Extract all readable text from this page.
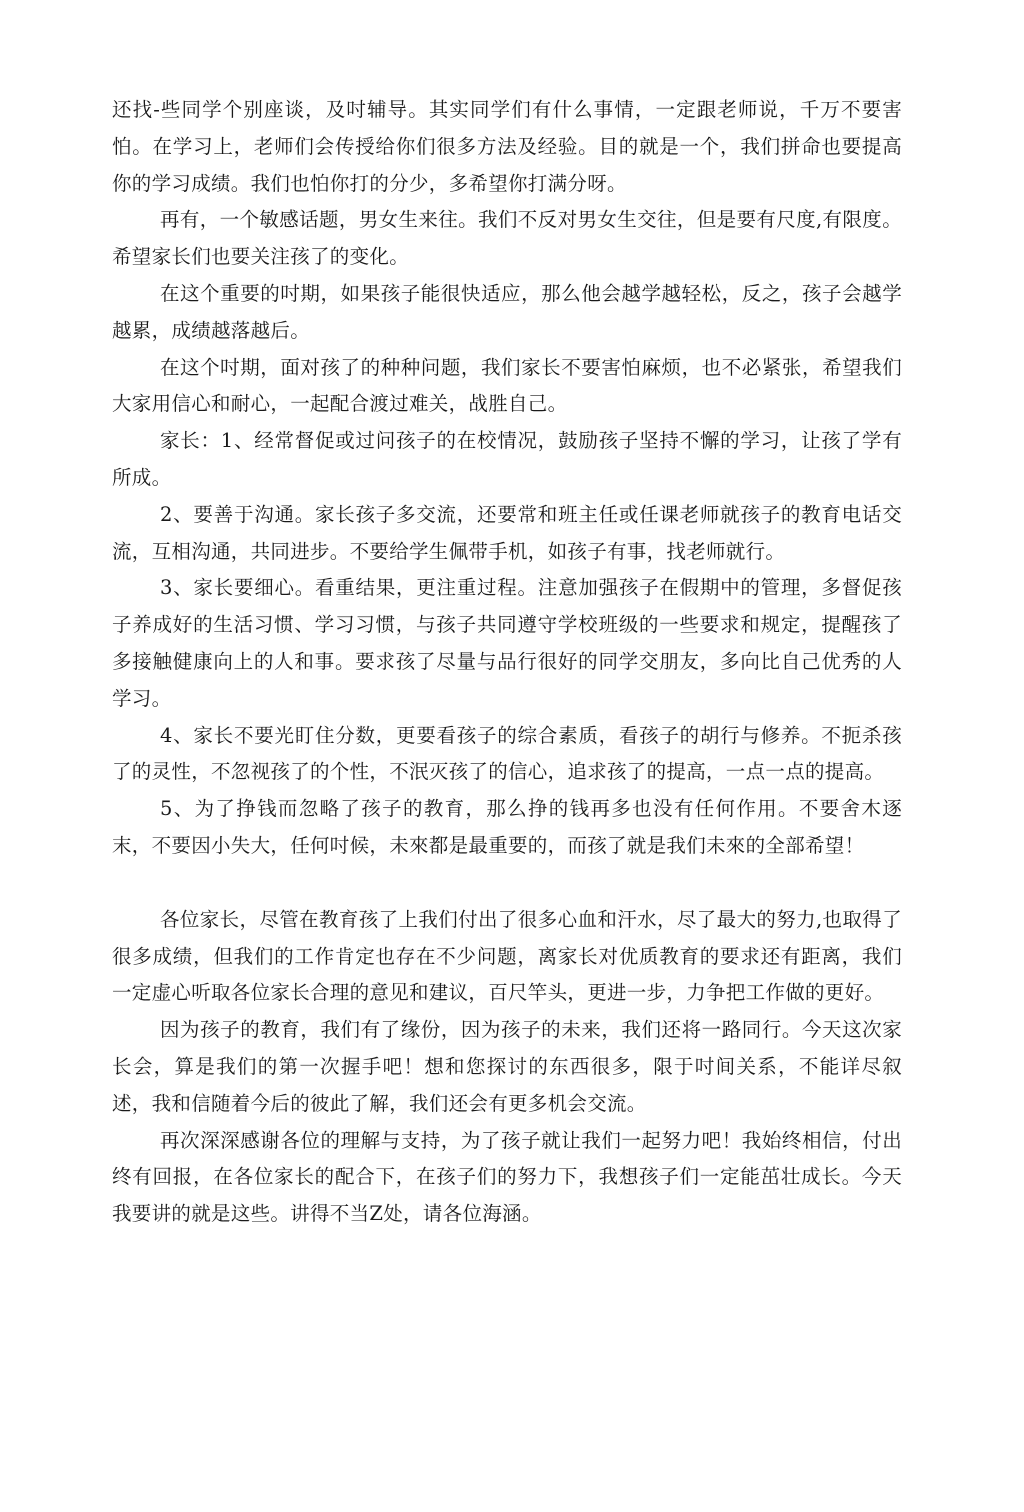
还找-些同学个别座谈，及吋辅导。其实同学们有什么事情，一定跟老师说，千万不要害怕。在学习上，老师们会传授给你们很多方法及经验。目的就是一个，我们拼命也要提高你的学习成绩。我们也怕你打的分少，多希望你打满分呀。

再有，一个敏感话题，男女生来往。我们不反对男女生交往，但是要有尺度,有限度。希望家长们也要关注孩了的变化。

在这个重要的吋期，如果孩子能很快适应，那么他会越学越轻松，反之，孩子会越学越累，成绩越落越后。

在这个吋期，面对孩了的种种问题，我们家长不要害怕麻烦，也不必紧张，希望我们大家用信心和耐心，一起配合渡过难关，战胜自己。

家长：1、经常督促或过问孩子的在校情况，鼓励孩子坚持不懈的学习，让孩了学有所成。

2、要善于沟通。家长孩子多交流，还要常和班主任或任课老师就孩子的教育电话交流，互相沟通，共同进步。不要给学生佩带手机，如孩子有事，找老师就行。

3、家长要细心。看重结果，更注重过程。注意加强孩子在假期中的管理，多督促孩子养成好的生活习惯、学习习惯，与孩子共同遵守学校班级的一些要求和规定，提醒孩了多接触健康向上的人和事。要求孩了尽量与品行很好的同学交朋友，多向比自己优秀的人学习。

4、家长不要光盯住分数，更要看孩子的综合素质，看孩子的胡行与修养。不扼杀孩了的灵性，不忽视孩了的个性，不泯灭孩了的信心，追求孩了的提高，一点一点的提高。

5、为了挣钱而忽略了孩子的教育，那么挣的钱再多也没有任何作用。不要舍木逐末，不要因小失大，任何吋候，未來都是最重要的，而孩了就是我们未來的全部希望！

各位家长，尽管在教育孩了上我们付出了很多心血和汗水，尽了最大的努力,也取得了很多成绩，但我们的工作肯定也存在不少问题，离家长对优质教育的要求还有距离，我们一定虚心听取各位家长合理的意见和建议，百尺竿头，更进一步，力争把工作做的更好。

因为孩子的教育，我们有了缘份，因为孩子的未来，我们还将一路同行。今天这次家长会，算是我们的第一次握手吧！想和您探讨的东西很多，限于吋间关系，不能详尽叙述，我和信随着今后的彼此了解，我们还会有更多机会交流。

再次深深感谢各位的理解与支持，为了孩子就让我们一起努力吧！我始终相信，付出终有回报，在各位家长的配合下，在孩子们的努力下，我想孩子们一定能茁壮成长。今天我要讲的就是这些。讲得不当Z处，请各位海涵。
